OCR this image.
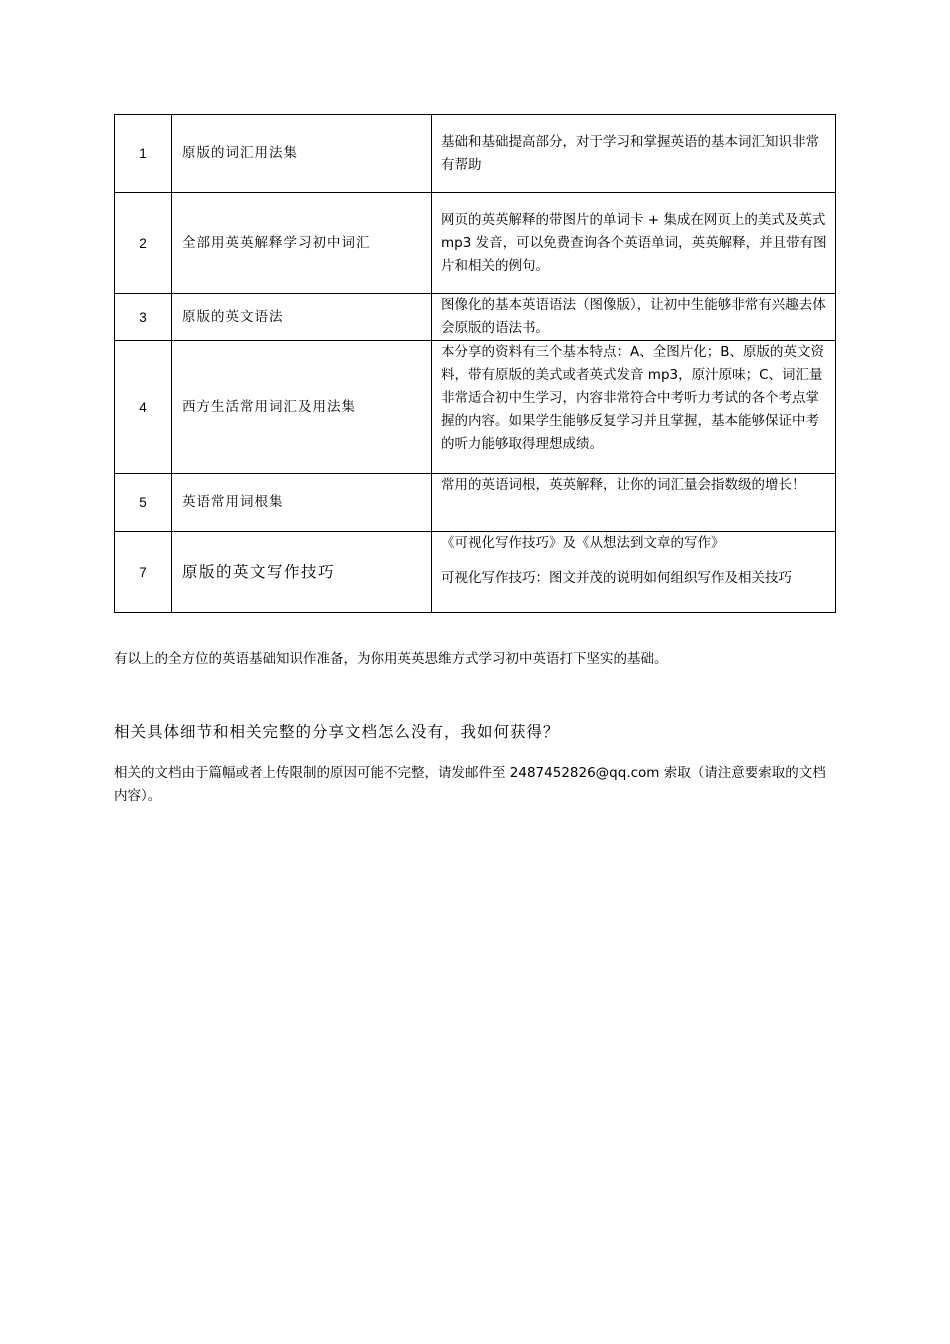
1	原版的词汇用法集	基础和基础提高部分，对于学习和掌握英语的基本词汇知识非常有帮助

2	全部用英英解释学习初中词汇	网页的英英解释的带图片的单词卡 + 集成在网页上的美式及英式 mp3 发音，可以免费查询各个英语单词，英英解释，并且带有图片和相关的例句。

3	原版的英文语法	图像化的基本英语语法（图像版），让初中生能够非常有兴趣去体会原版的语法书。

4	西方生活常用词汇及用法集	本分享的资料有三个基本特点：A、全图片化；B、原版的英文资料，带有原版的美式或者英式发音 mp3，原汁原味；C、词汇量非常适合初中生学习，内容非常符合中考听力考试的各个考点掌握的内容。如果学生能够反复学习并且掌握，基本能够保证中考的听力能够取得理想成绩。

5	英语常用词根集	常用的英语词根，英英解释，让你的词汇量会指数级的增长！

7	原版的英文写作技巧	《可视化写作技巧》及《从想法到文章的写作》
可视化写作技巧：图文并茂的说明如何组织写作及相关技巧
有以上的全方位的英语基础知识作准备，为你用英英思维方式学习初中英语打下坚实的基础。
相关具体细节和相关完整的分享文档怎么没有，我如何获得？
相关的文档由于篇幅或者上传限制的原因可能不完整，请发邮件至 2487452826@qq.com 索取（请注意要索取的文档内容）。
